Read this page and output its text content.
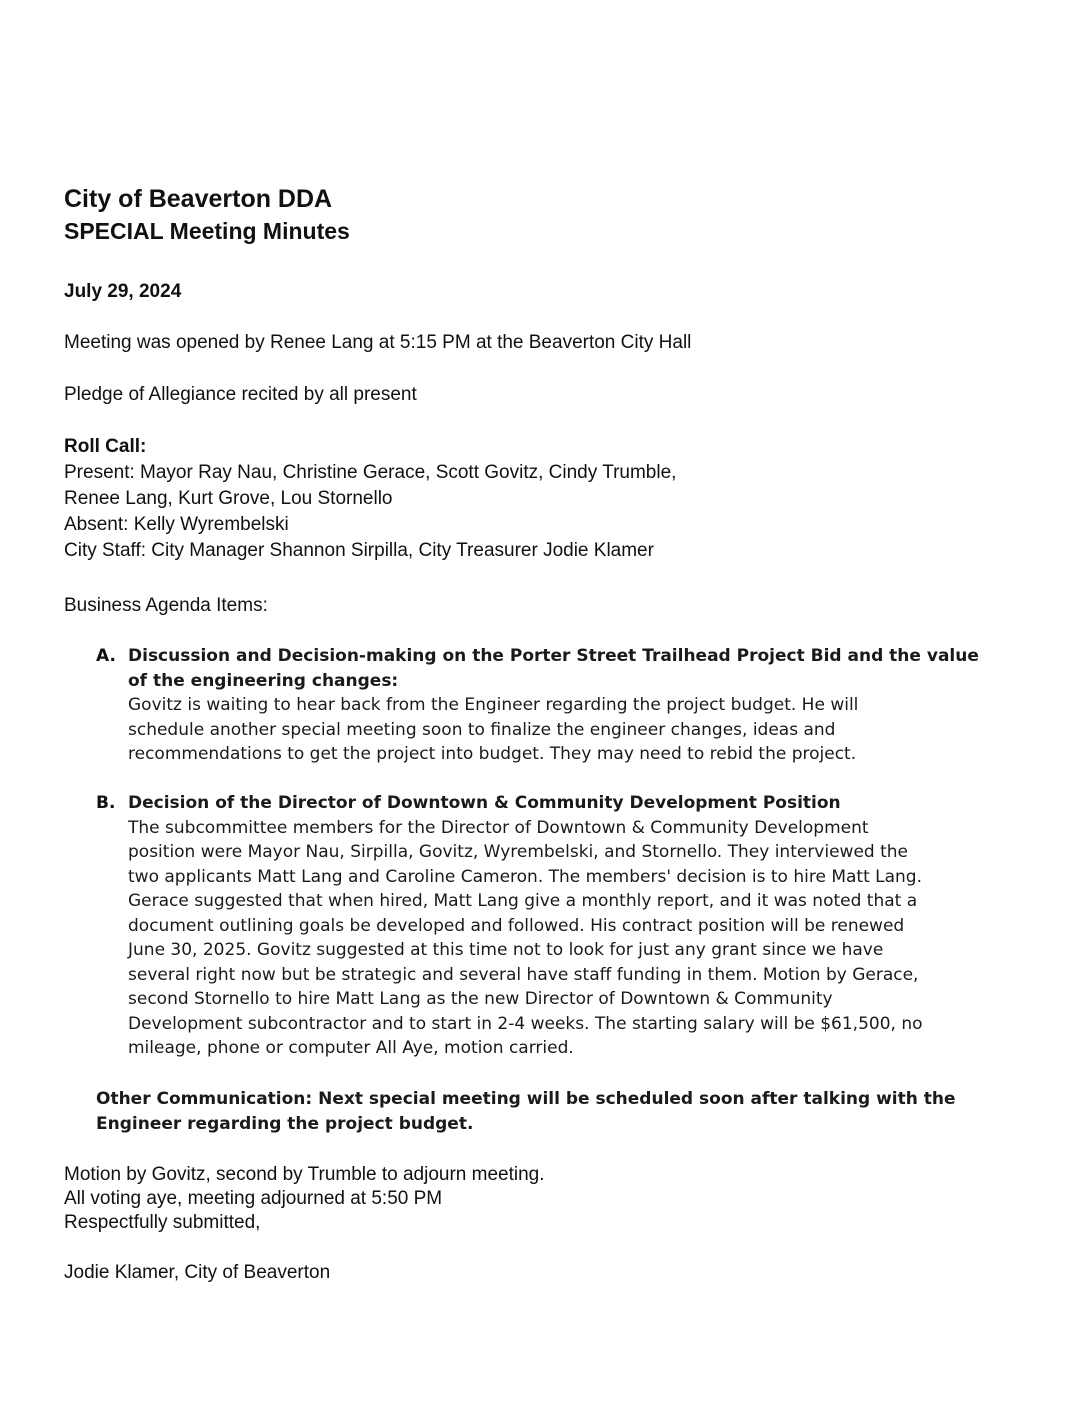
City of Beaverton DDA
SPECIAL Meeting Minutes
July 29, 2024
Meeting was opened by Renee Lang at 5:15 PM at the Beaverton City Hall
Pledge of Allegiance recited by all present
Roll Call:
Present: Mayor Ray Nau, Christine Gerace, Scott Govitz, Cindy Trumble,
Renee Lang, Kurt Grove, Lou Stornello
Absent: Kelly Wyrembelski
City Staff: City Manager Shannon Sirpilla, City Treasurer Jodie Klamer
Business Agenda Items:
A. Discussion and Decision-making on the Porter Street Trailhead Project Bid and the value
of the engineering changes:
Govitz is waiting to hear back from the Engineer regarding the project budget. He will
schedule another special meeting soon to finalize the engineer changes, ideas and
recommendations to get the project into budget. They may need to rebid the project.
B. Decision of the Director of Downtown & Community Development Position
The subcommittee members for the Director of Downtown & Community Development
position were Mayor Nau, Sirpilla, Govitz, Wyrembelski, and Stornello. They interviewed the
two applicants Matt Lang and Caroline Cameron. The members' decision is to hire Matt Lang.
Gerace suggested that when hired, Matt Lang give a monthly report, and it was noted that a
document outlining goals be developed and followed. His contract position will be renewed
June 30, 2025. Govitz suggested at this time not to look for just any grant since we have
several right now but be strategic and several have staff funding in them. Motion by Gerace,
second Stornello to hire Matt Lang as the new Director of Downtown & Community
Development subcontractor and to start in 2-4 weeks. The starting salary will be $61,500, no
mileage, phone or computer All Aye, motion carried.
Other Communication: Next special meeting will be scheduled soon after talking with the
Engineer regarding the project budget.
Motion by Govitz, second by Trumble to adjourn meeting.
All voting aye, meeting adjourned at 5:50 PM
Respectfully submitted,
Jodie Klamer, City of Beaverton
